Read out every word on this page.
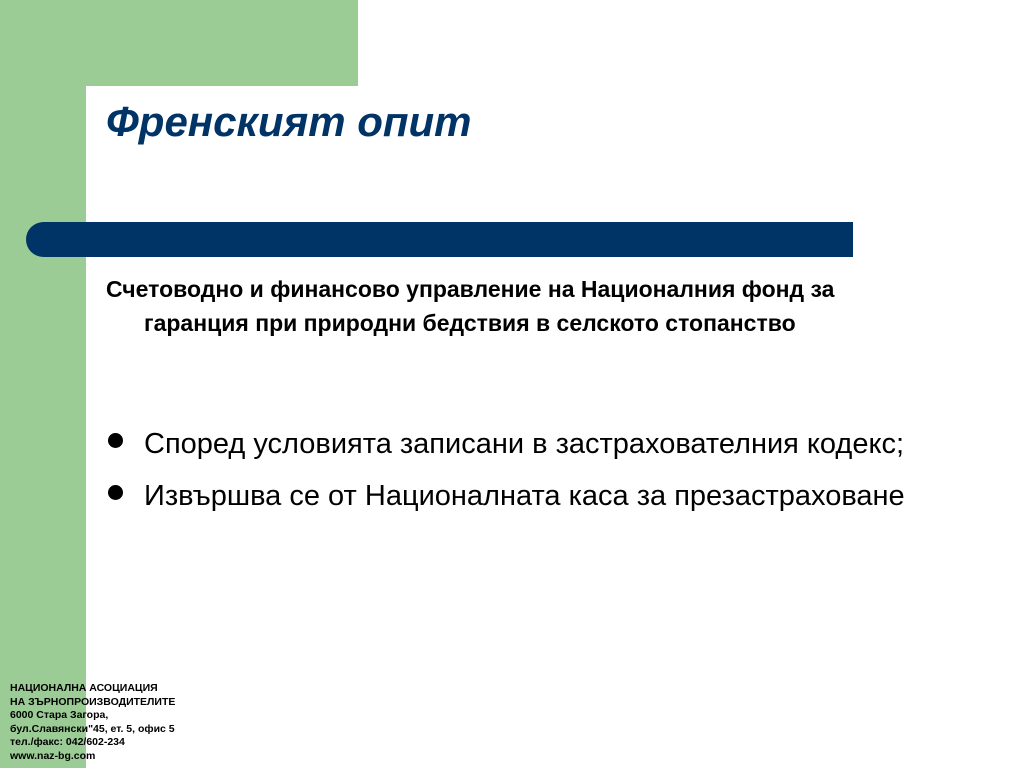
Френският опит
Счетоводно и финансово управление на Националния фонд за гаранция при природни бедствия в селското стопанство
Според условията записани в застрахователния кодекс;
Извършва се от Националната каса за презастраховане
НАЦИОНАЛНА АСОЦИАЦИЯ
НА ЗЪРНОПРОИЗВОДИТЕЛИТЕ
6000 Стара Загора,
бул.Славянски"45, ет. 5, офис 5
тел./факс: 042/602-234
www.naz-bg.com
